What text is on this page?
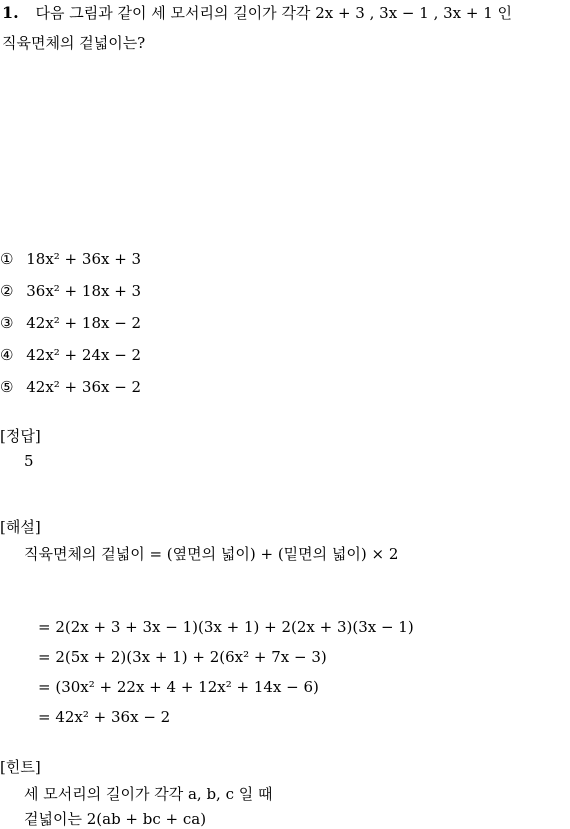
1. 다음 그림과 같이 세 모서리의 길이가 각각 2x + 3 , 3x − 1 , 3x + 1 인
직육면체의 겉넓이는?
① 18x² + 36x + 3
② 36x² + 18x + 3
③ 42x² + 18x − 2
④ 42x² + 24x − 2
⑤ 42x² + 36x − 2
[정답]
5
[해설]
직육면체의 겉넓이 = (옆면의 넓이) + (밑면의 넓이) × 2
= 2(2x + 3 + 3x − 1)(3x + 1) + 2(2x + 3)(3x − 1)
= 2(5x + 2)(3x + 1) + 2(6x² + 7x − 3)
= (30x² + 22x + 4 + 12x² + 14x − 6)
= 42x² + 36x − 2
[힌트]
세 모서리의 길이가 각각 a, b, c 일 때
겉넓이는 2(ab + bc + ca)
